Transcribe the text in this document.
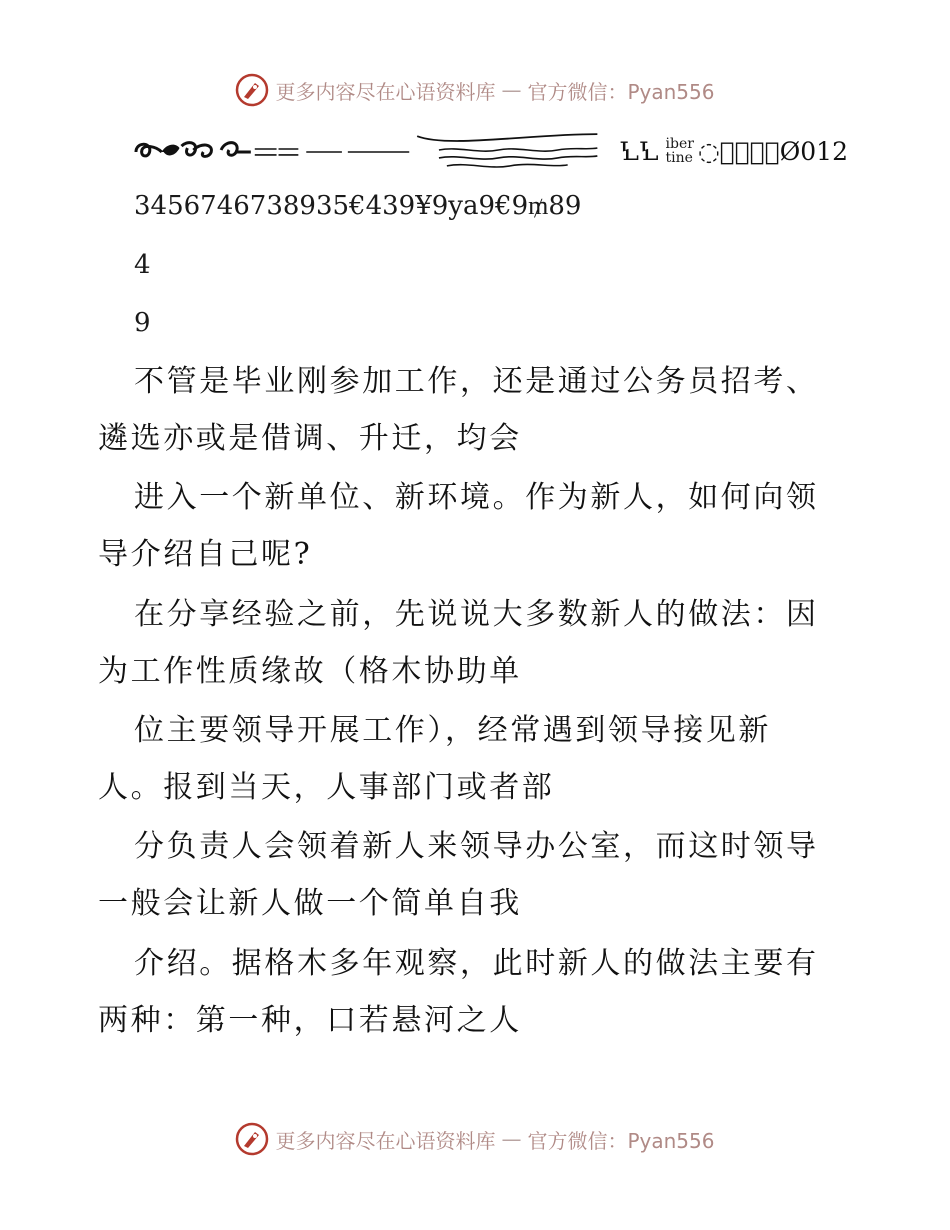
更多内容尽在心语资料库 — 官方微信：Pyan556
ꝆꝆ iber
tine ◌⃝ⓄⓃⓒØ012
3456746738935€439¥9ya9€9₥89
4
9
不管是毕业刚参加工作，还是通过公务员招考、
遴选亦或是借调、升迁，均会
进入一个新单位、新环境。作为新人，如何向领
导介绍自己呢?
在分享经验之前，先说说大多数新人的做法：因
为工作性质缘故（格木协助单
位主要领导开展工作），经常遇到领导接见新
人。报到当天，人事部门或者部
分负责人会领着新人来领导办公室，而这时领导
一般会让新人做一个简单自我
介绍。据格木多年观察，此时新人的做法主要有
两种：第一种，口若悬河之人
更多内容尽在心语资料库 — 官方微信：Pyan556
